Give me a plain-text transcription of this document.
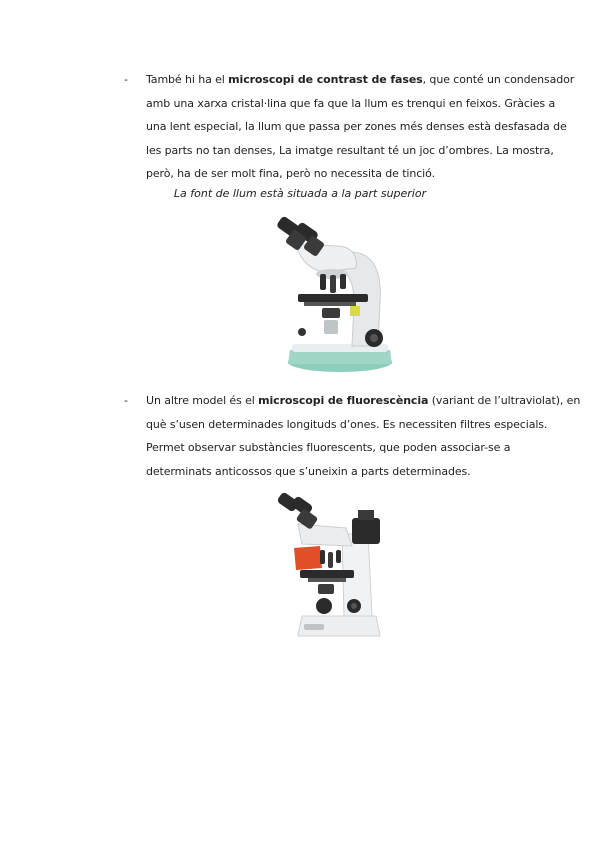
- També hi ha el microscopi de contrast de fases, que conté un condensador
amb una xarxa cristal·lina que fa que la llum es trenqui en feixos. Gràcies a
una lent especial, la llum que passa per zones més denses està desfasada de
les parts no tan denses, La imatge resultant té un joc d’ombres. La mostra,
però, ha de ser molt fina, però no necessita de tinció.
La font de llum està situada a la part superior
- Un altre model és el microscopi de fluorescència (variant de l’ultraviolat), en
què s’usen determinades longituds d’ones. Es necessiten filtres especials.
Permet observar substàncies fluorescents, que poden associar-se a
determinats anticossos que s’uneixin a parts determinades.
